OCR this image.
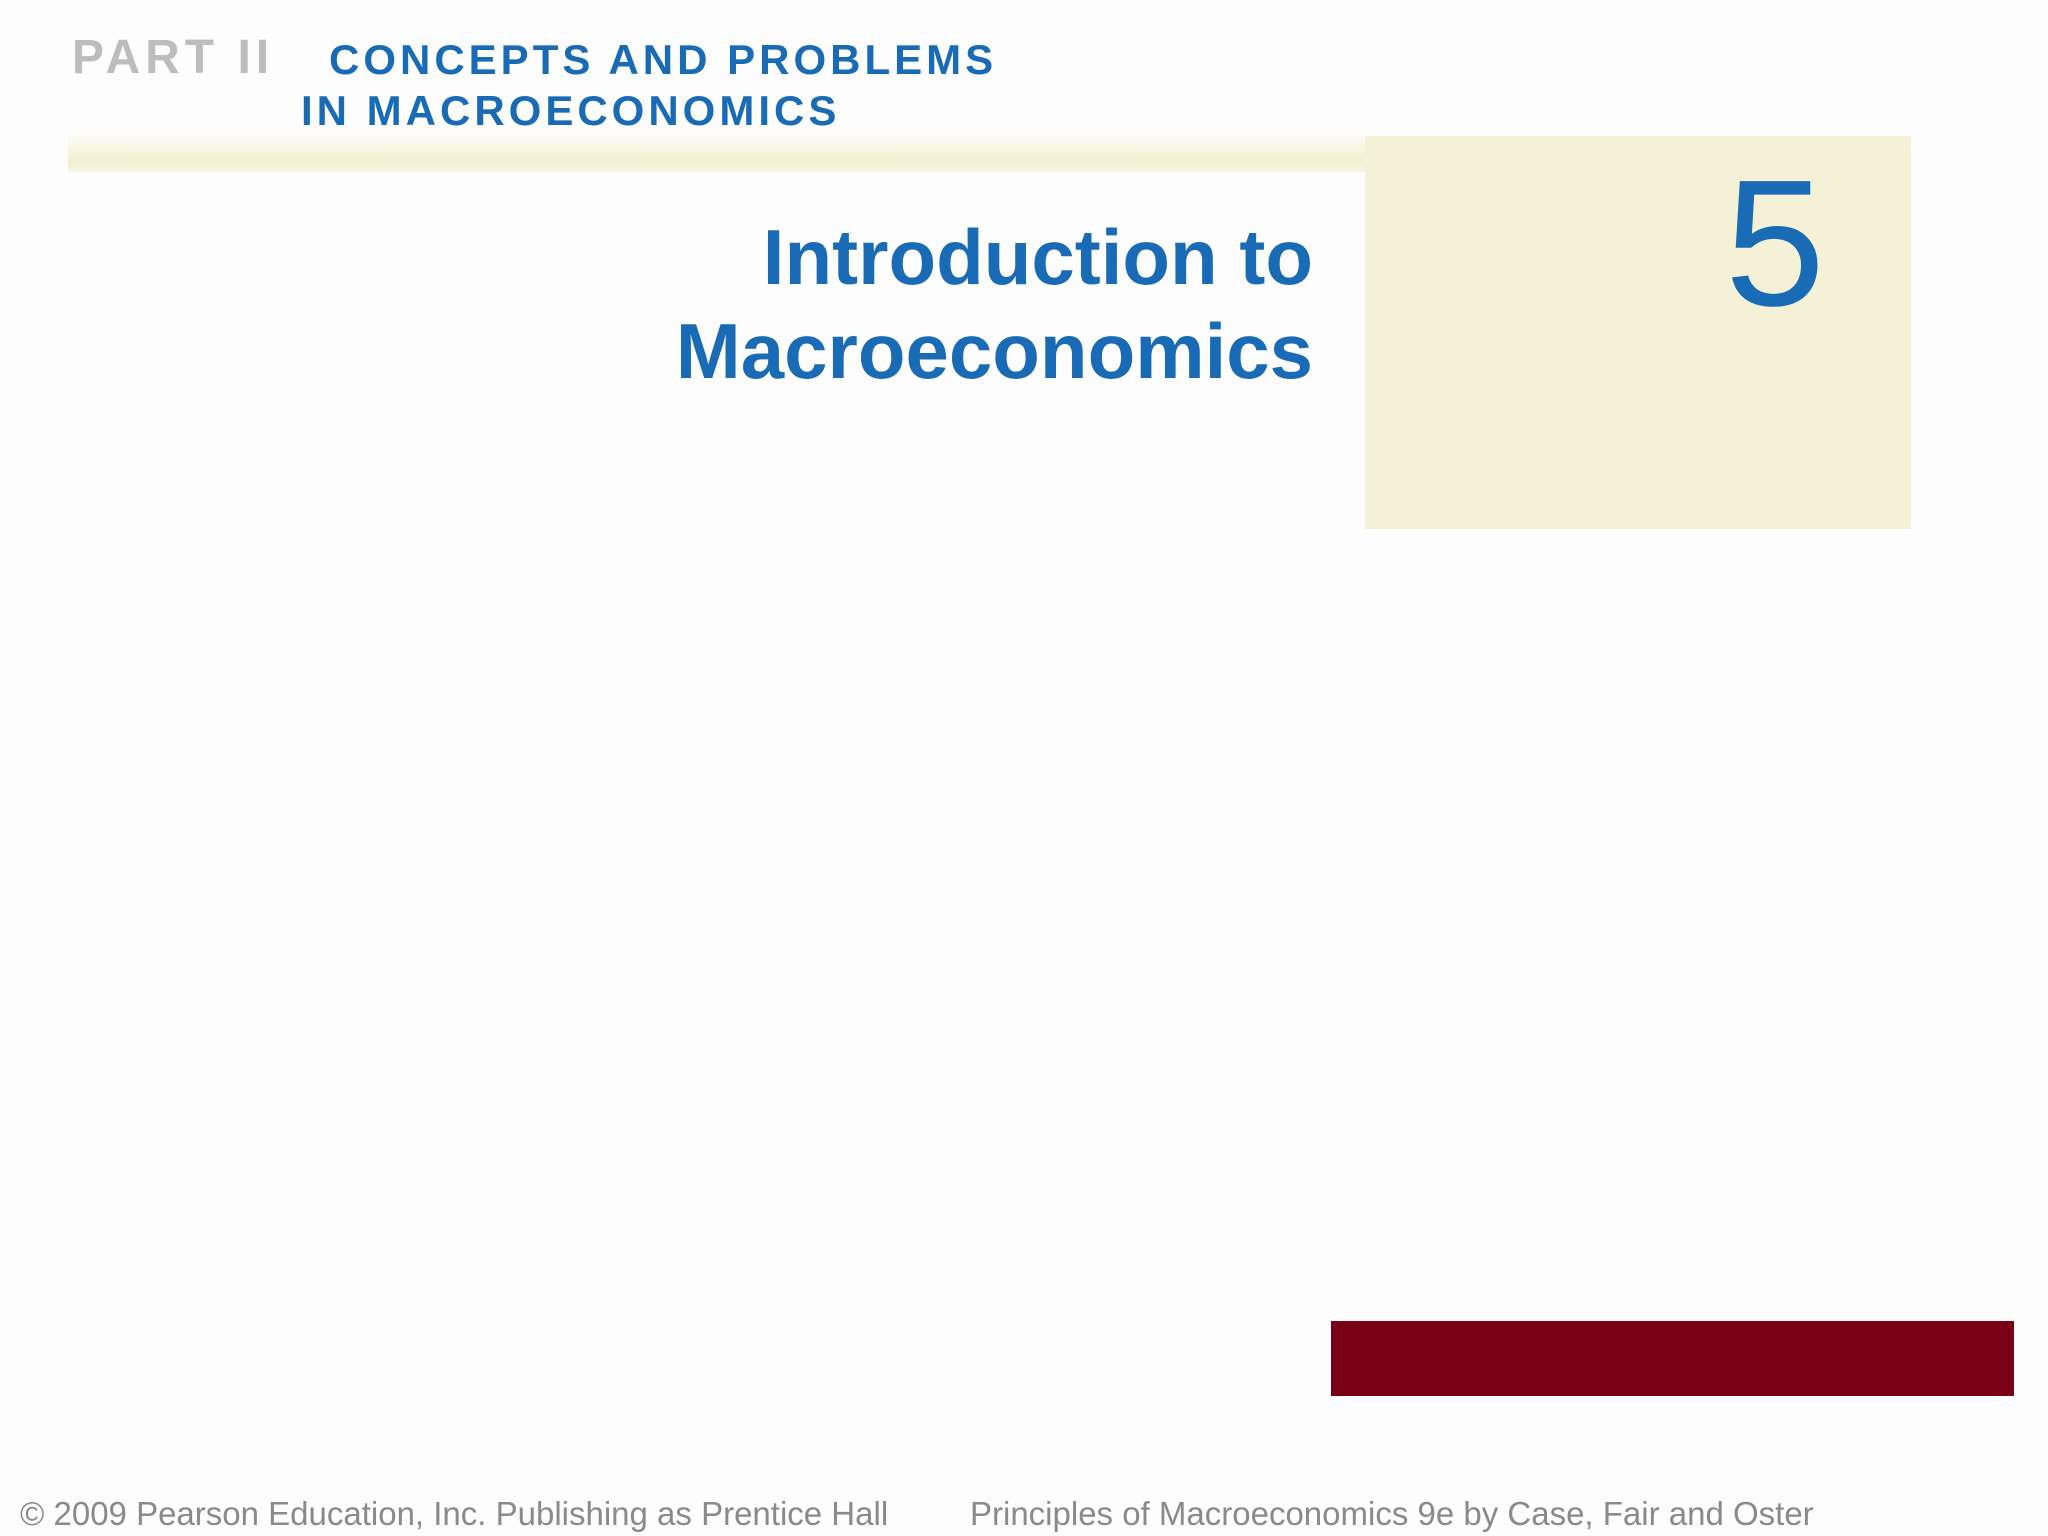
PART II	CONCEPTS AND PROBLEMS
IN MACROECONOMICS
5
Introduction to
Macroeconomics
© 2009 Pearson Education, Inc. Publishing as Prentice Hall Principles of Macroeconomics 9e by Case, Fair and Oster
